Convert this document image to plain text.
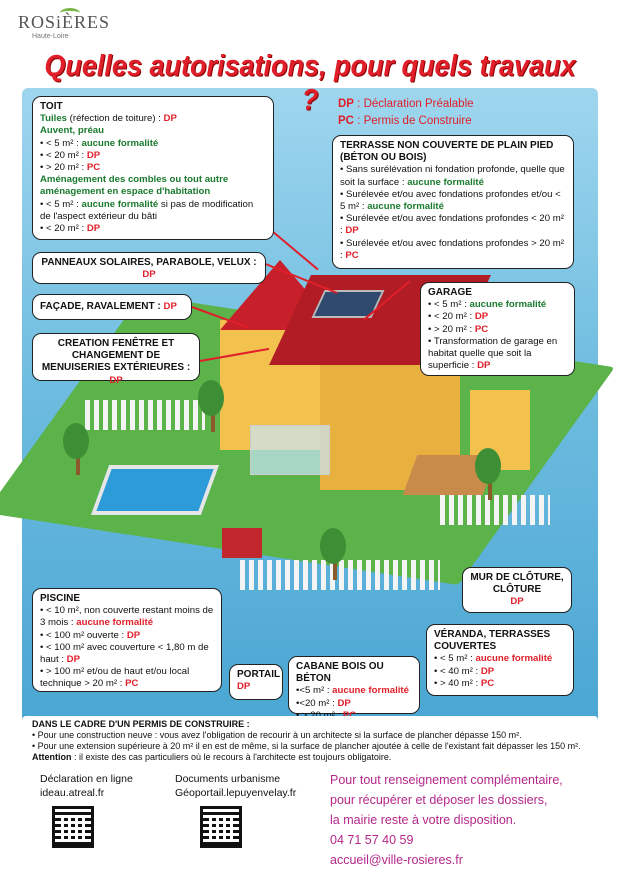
ROSiÈRES
Haute-Loire
Quelles autorisations, pour quels travaux ?	DP : Déclaration Préalable
PC : Permis de Construire
TOIT
Tuiles (réfection de toiture) : DP
Auvent, préau
• < 5 m² : aucune formalité
• < 20 m² : DP
• > 20 m² : PC
Aménagement des combles ou tout autre aménagement en espace d'habitation
• < 5 m² : aucune formalité si pas de modification de l'aspect extérieur du bâti
• < 20 m² : DP
TERRASSE NON COUVERTE DE PLAIN PIED (BÉTON OU BOIS)
• Sans surélévation ni fondation profonde, quelle que soit la surface : aucune formalité
• Surélevée et/ou avec fondations profondes et/ou < 5 m² : aucune formalité
• Surélevée et/ou avec fondations profondes < 20 m² : DP
• Surélevée et/ou avec fondations profondes > 20 m² : PC
PANNEAUX SOLAIRES, PARABOLE, VELUX :
DP
FAÇADE, RAVALEMENT : DP
CREATION FENÊTRE ET CHANGEMENT DE MENUISERIES EXTÉRIEURES : DP
GARAGE
• < 5 m² : aucune formalité
• < 20 m² : DP
• > 20 m² : PC
• Transformation de garage en habitat quelle que soit la superficie : DP
MUR DE CLÔTURE, CLÔTURE
DP
PISCINE
• < 10 m², non couverte restant moins de 3 mois : aucune formalité
• < 100 m² ouverte : DP
• < 100 m² avec couverture < 1,80 m de haut : DP
• > 100 m² et/ou de haut et/ou local technique > 20 m² : PC
PORTAIL
DP
CABANE BOIS OU BÉTON
•<5 m² : aucune formalité
•<20 m² : DP
VÉRANDA, TERRASSES COUVERTES
• < 5 m² : aucune formalité
• < 40 m² : DP
• > 40 m² : PC
DANS LE CADRE D'UN PERMIS DE CONSTRUIRE :
• Pour une construction neuve : vous avez l'obligation de recourir à un architecte si la surface de plancher dépasse 150 m².
• Pour une extension supérieure à 20 m² il en est de même, si la surface de plancher ajoutée à celle de l'existant fait dépasser les 150 m².
Attention : il existe des cas particuliers où le recours à l'architecte est toujours obligatoire.
Déclaration en ligne
ideau.atreal.fr
Documents urbanisme
Géoportail.lepuyenvelay.fr
Pour tout renseignement complémentaire,
pour récupérer et déposer les dossiers,
la mairie reste à votre disposition.
04 71 57 40 59
accueil@ville-rosieres.fr
